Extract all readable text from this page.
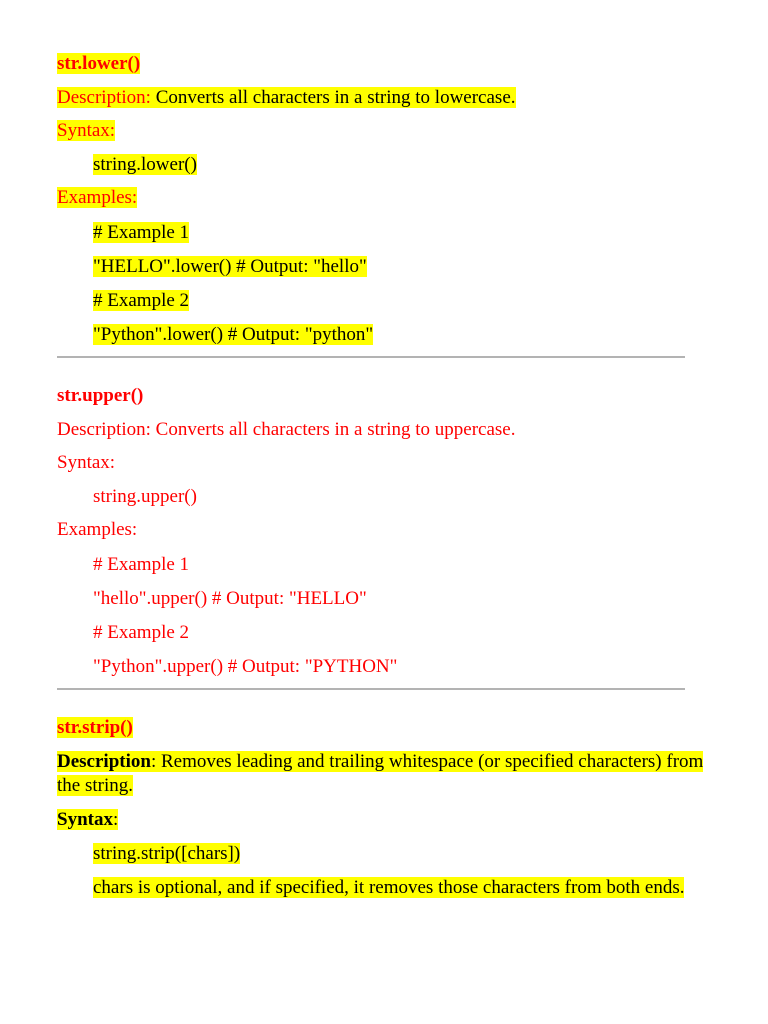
str.lower()
Description: Converts all characters in a string to lowercase.
Syntax:
string.lower()
Examples:
# Example 1
"HELLO".lower() # Output: "hello"
# Example 2
"Python".lower() # Output: "python"
str.upper()
Description: Converts all characters in a string to uppercase.
Syntax:
string.upper()
Examples:
# Example 1
"hello".upper() # Output: "HELLO"
# Example 2
"Python".upper() # Output: "PYTHON"
str.strip()
Description: Removes leading and trailing whitespace (or specified characters) from the string.
Syntax:
string.strip([chars])
chars is optional, and if specified, it removes those characters from both ends.
